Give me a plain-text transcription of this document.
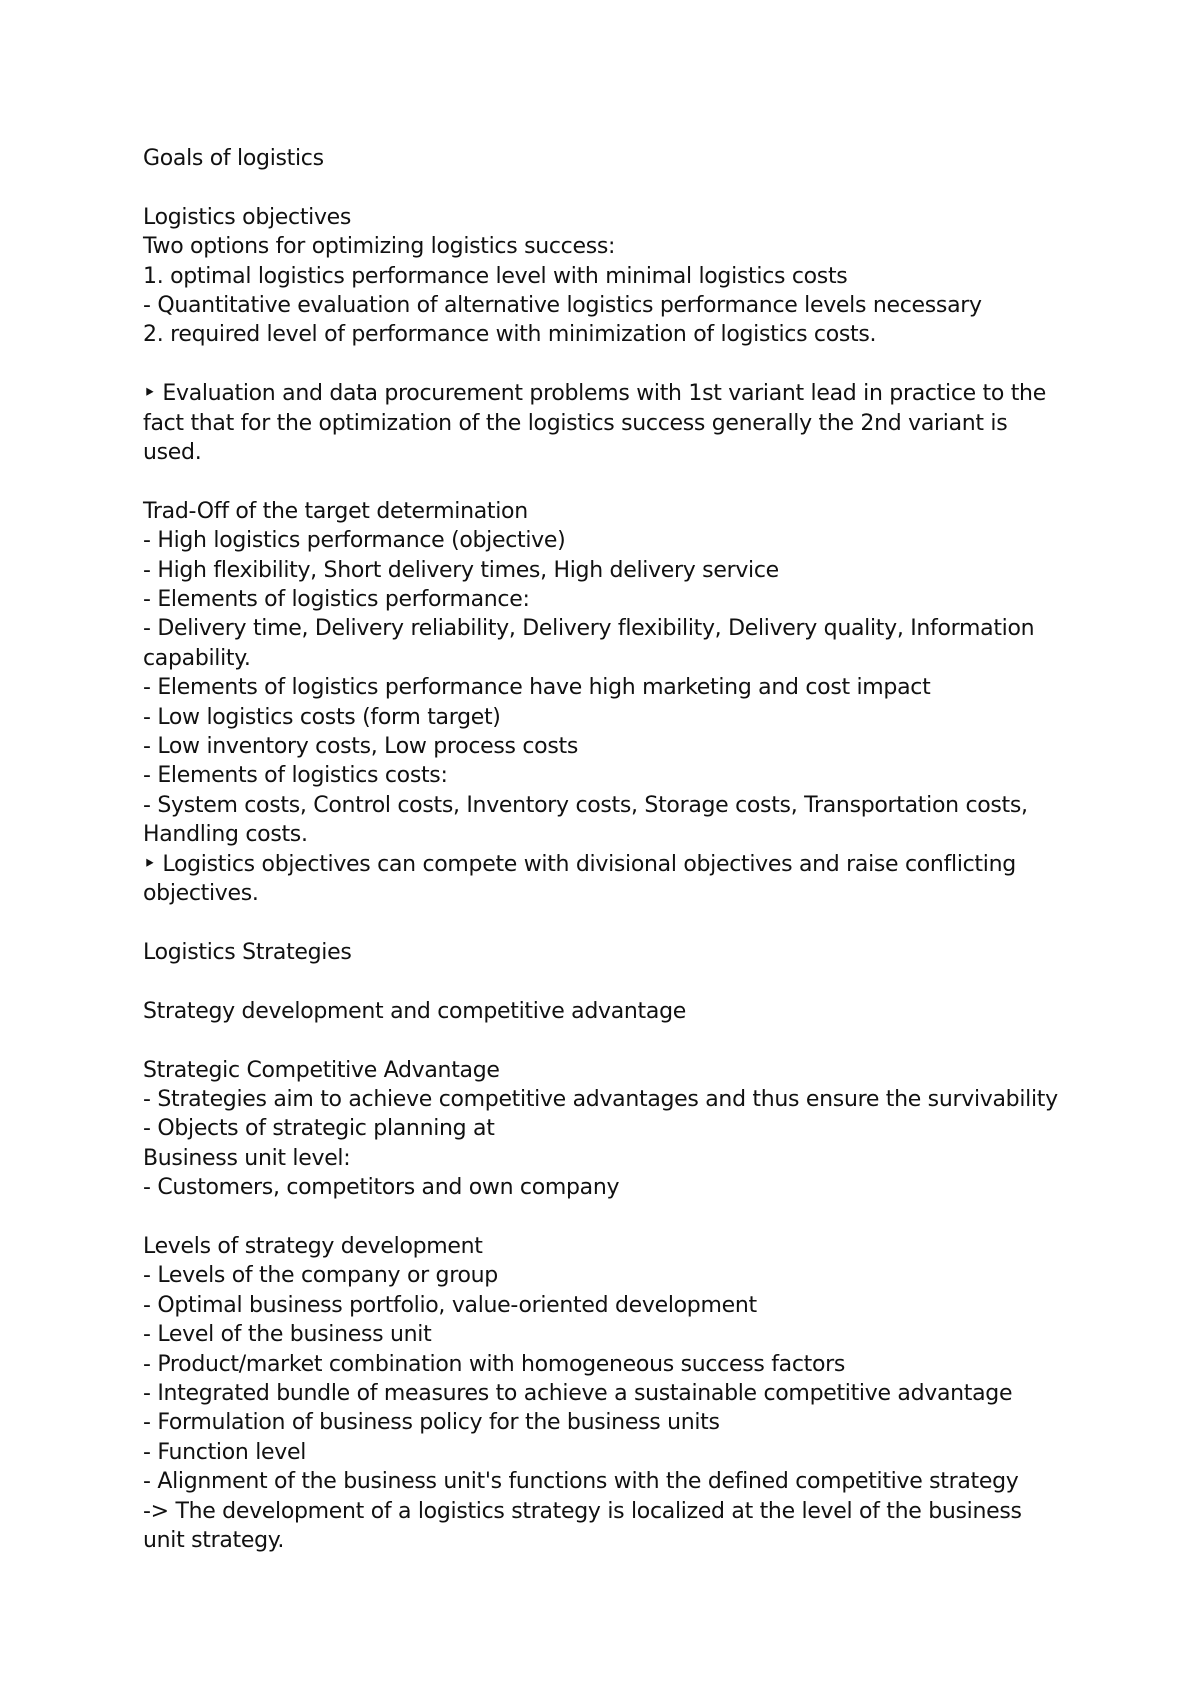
Goals of logistics
Logistics objectives
Two options for optimizing logistics success:
1. optimal logistics performance level with minimal logistics costs
- Quantitative evaluation of alternative logistics performance levels necessary
2. required level of performance with minimization of logistics costs.
‣ Evaluation and data procurement problems with 1st variant lead in practice to the fact that for the optimization of the logistics success generally the 2nd variant is used.
Trad-Off of the target determination
- High logistics performance (objective)
- High flexibility, Short delivery times, High delivery service
- Elements of logistics performance:
- Delivery time, Delivery reliability, Delivery flexibility, Delivery quality, Information capability.
- Elements of logistics performance have high marketing and cost impact
- Low logistics costs (form target)
- Low inventory costs, Low process costs
- Elements of logistics costs:
- System costs, Control costs, Inventory costs, Storage costs, Transportation costs, Handling costs.
‣ Logistics objectives can compete with divisional objectives and raise conflicting objectives.
Logistics Strategies
Strategy development and competitive advantage
Strategic Competitive Advantage
- Strategies aim to achieve competitive advantages and thus ensure the survivability
- Objects of strategic planning at
Business unit level:
- Customers, competitors and own company
Levels of strategy development
- Levels of the company or group
- Optimal business portfolio, value-oriented development
- Level of the business unit
- Product/market combination with homogeneous success factors
- Integrated bundle of measures to achieve a sustainable competitive advantage
- Formulation of business policy for the business units
- Function level
- Alignment of the business unit's functions with the defined competitive strategy
-> The development of a logistics strategy is localized at the level of the business unit strategy.
